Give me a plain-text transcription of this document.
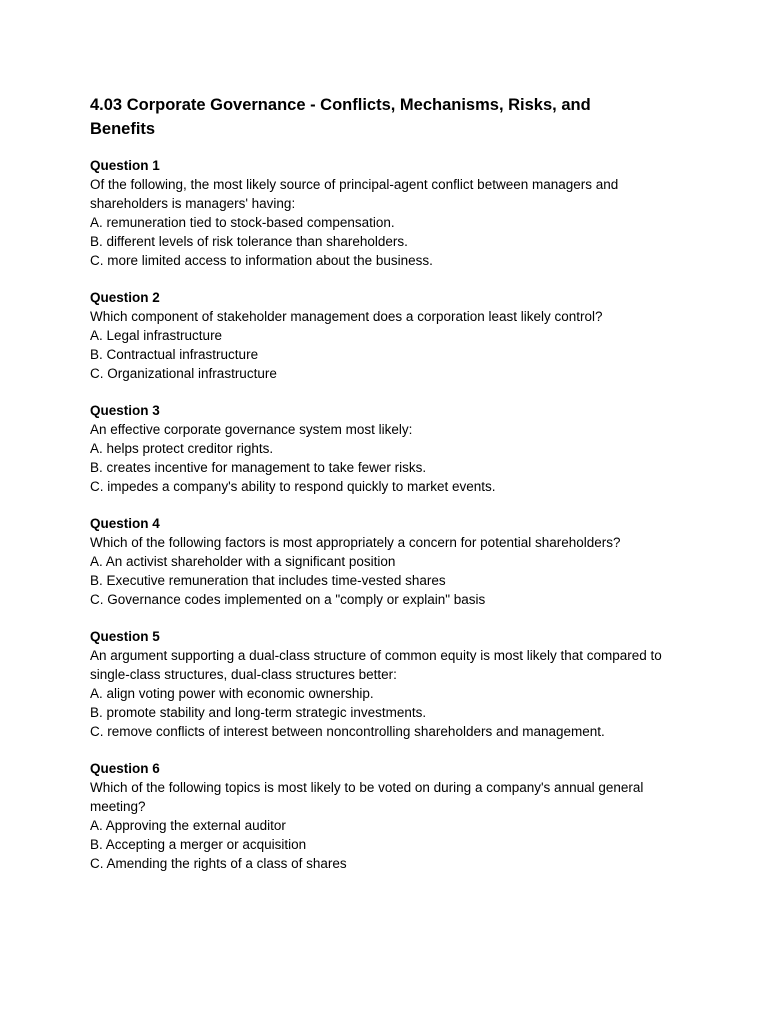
4.03 Corporate Governance - Conflicts, Mechanisms, Risks, and Benefits

Question 1

Of the following, the most likely source of principal-agent conflict between managers and shareholders is managers' having:

A. remuneration tied to stock-based compensation.

B. different levels of risk tolerance than shareholders.

C. more limited access to information about the business.

Question 2

Which component of stakeholder management does a corporation least likely control?

A. Legal infrastructure

B. Contractual infrastructure

C. Organizational infrastructure

Question 3

An effective corporate governance system most likely:

A. helps protect creditor rights.

B. creates incentive for management to take fewer risks.

C. impedes a company's ability to respond quickly to market events.

Question 4

Which of the following factors is most appropriately a concern for potential shareholders?

A. An activist shareholder with a significant position

B. Executive remuneration that includes time-vested shares

C. Governance codes implemented on a "comply or explain" basis

Question 5

An argument supporting a dual-class structure of common equity is most likely that compared to single-class structures, dual-class structures better:

A. align voting power with economic ownership.

B. promote stability and long-term strategic investments.

C. remove conflicts of interest between noncontrolling shareholders and management.

Question 6

Which of the following topics is most likely to be voted on during a company's annual general meeting?

A. Approving the external auditor

B. Accepting a merger or acquisition

C. Amending the rights of a class of shares
